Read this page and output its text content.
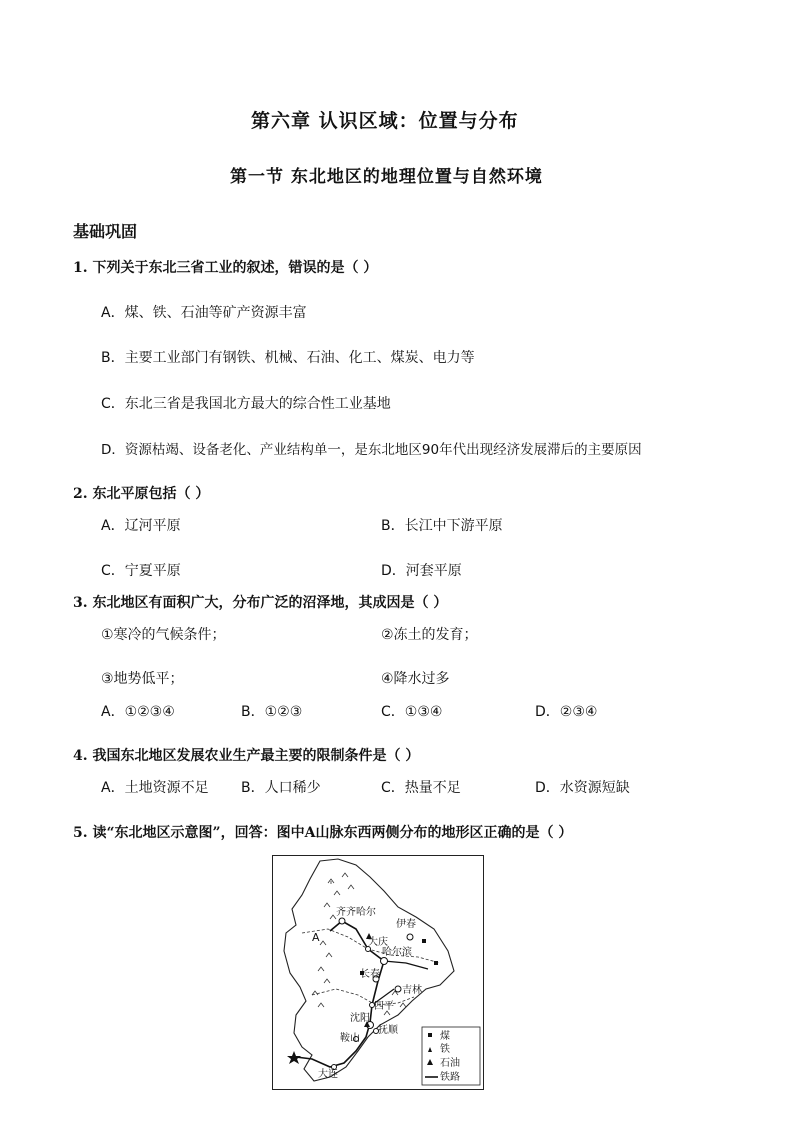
第六章 认识区域：位置与分布
第一节 东北地区的地理位置与自然环境
基础巩固
1. 下列关于东北三省工业的叙述，错误的是（ ）
A．煤、铁、石油等矿产资源丰富
B．主要工业部门有钢铁、机械、石油、化工、煤炭、电力等
C．东北三省是我国北方最大的综合性工业基地
D．资源枯竭、设备老化、产业结构单一，是东北地区90年代出现经济发展滞后的主要原因
2. 东北平原包括（ ）
A．辽河平原	B．长江中下游平原
C．宁夏平原	D．河套平原
3. 东北地区有面积广大，分布广泛的沼泽地，其成因是（ ）
①寒冷的气候条件；	②冻土的发育；
③地势低平；	④降水过多
A．①②③④	B．①②③	C．①③④	D．②③④
4. 我国东北地区发展农业生产最主要的限制条件是（ ）
A．土地资源不足 B．人口稀少	C．热量不足	D．水资源短缺
5. 读“东北地区示意图”，回答：图中A山脉东西两侧分布的地形区正确的是（ ）
A
齐齐哈尔
伊春
大庆
哈尔滨
长春
吉林
四平
沈阳
抚顺
鞍山
大连
煤
铁
石油
铁路
